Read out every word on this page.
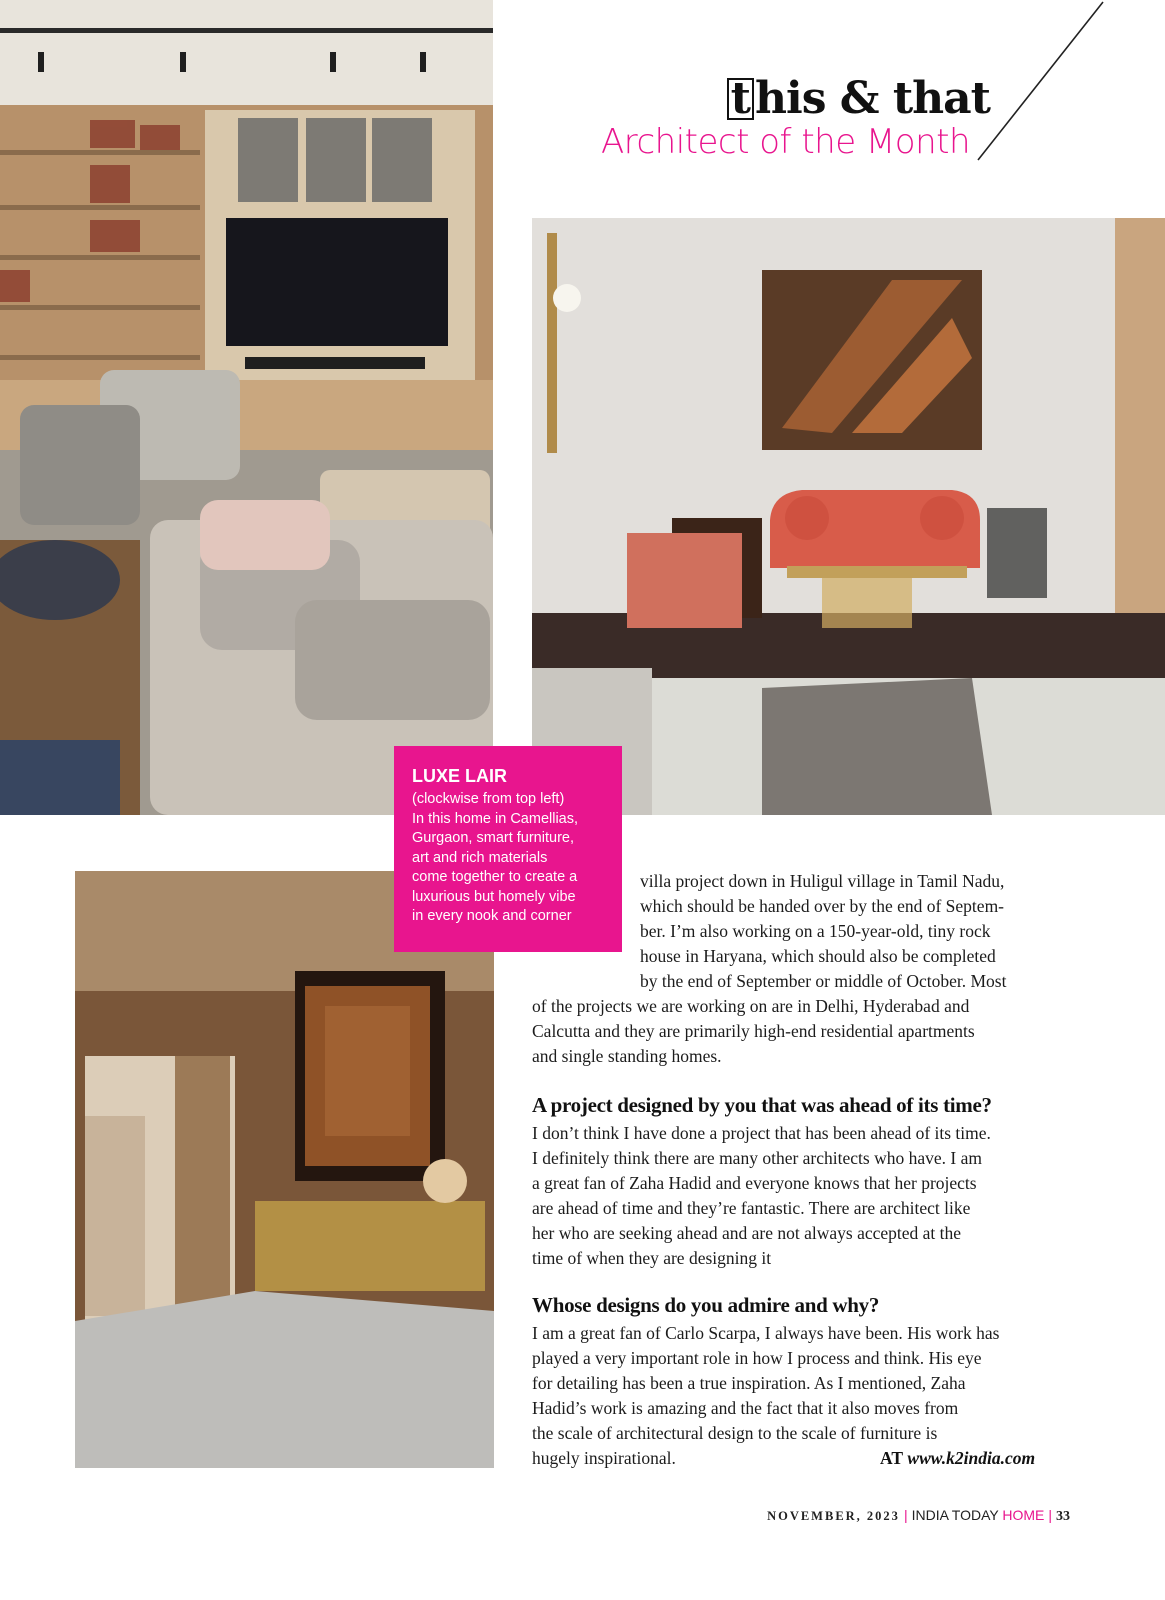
t his & that
Architect of the Month
LUXE LAIR
(clockwise from top left)
In this home in Camellias,
Gurgaon, smart furniture,
art and rich materials
come together to create a
luxurious but homely vibe
in every nook and corner
villa project down in Huligul village in Tamil Nadu,
which should be handed over by the end of Septem-
ber. I’m also working on a 150-year-old, tiny rock
house in Haryana, which should also be completed
by the end of September or middle of October. Most
of the projects we are working on are in Delhi, Hyderabad and
Calcutta and they are primarily high-end residential apartments
and single standing homes.
A project designed by you that was ahead of its time?
I don’t think I have done a project that has been ahead of its time.
I definitely think there are many other architects who have. I am
a great fan of Zaha Hadid and everyone knows that her projects
are ahead of time and they’re fantastic. There are architect like
her who are seeking ahead and are not always accepted at the
time of when they are designing it
Whose designs do you admire and why?
I am a great fan of Carlo Scarpa, I always have been. His work has
played a very important role in how I process and think. His eye
for detailing has been a true inspiration. As I mentioned, Zaha
Hadid’s work is amazing and the fact that it also moves from
the scale of architectural design to the scale of furniture is
hugely inspirational.	AT www.k2india.com
NOVEMBER, 2023 | INDIA TODAY HOME | 33
